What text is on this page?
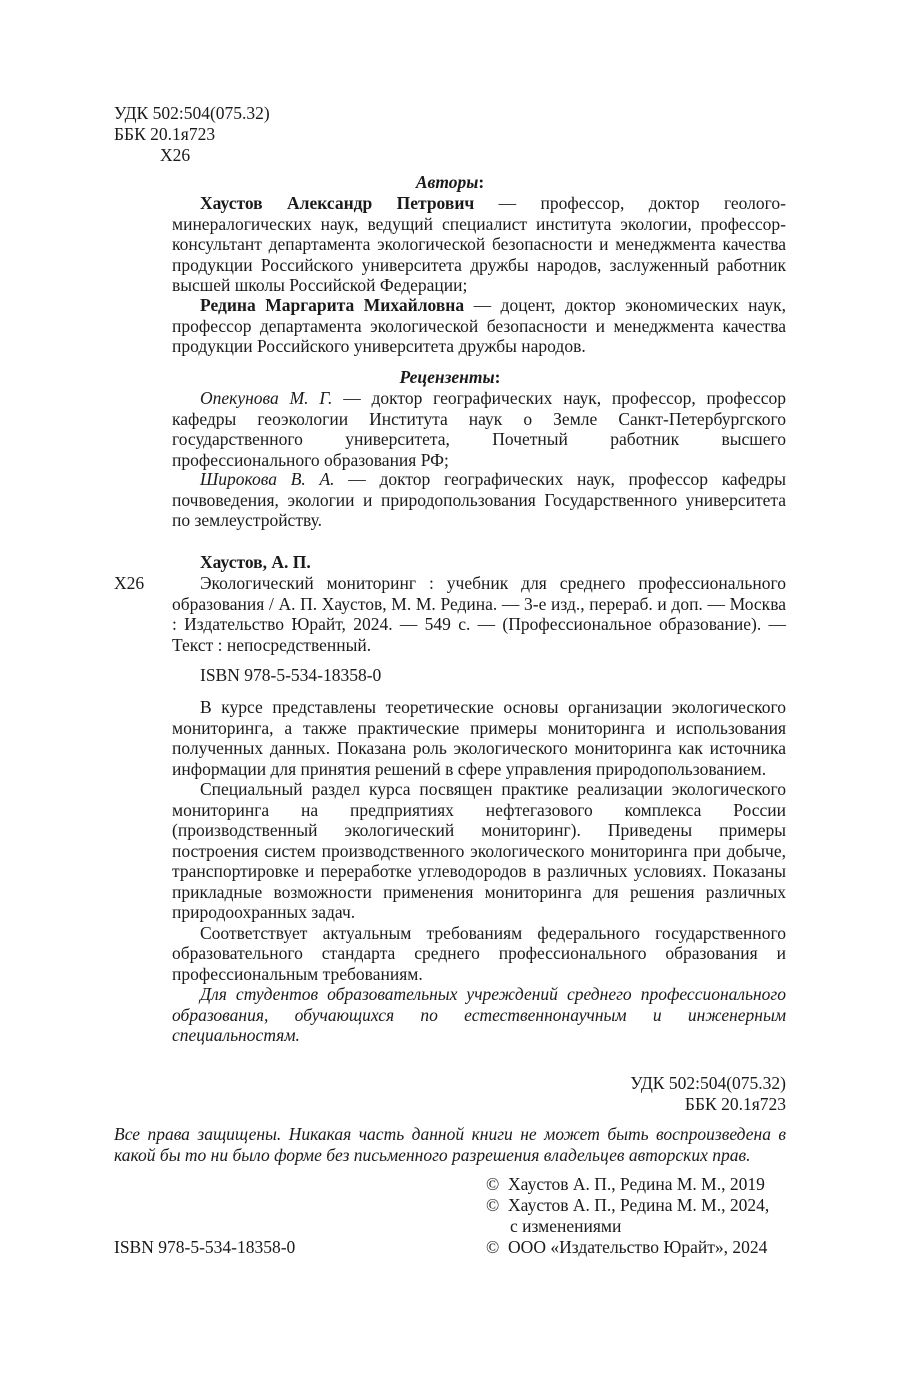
УДК 502:504(075.32)
ББК 20.1я723
Х26
Авторы:
Хаустов Александр Петрович — профессор, доктор геолого-минералогических наук, ведущий специалист института экологии, профессор-консультант департамента экологической безопасности и менеджмента качества продукции Российского университета дружбы народов, заслуженный работник высшей школы Российской Федерации;
Редина Маргарита Михайловна — доцент, доктор экономических наук, профессор департамента экологической безопасности и менеджмента качества продукции Российского университета дружбы народов.
Рецензенты:
Опекунова М. Г. — доктор географических наук, профессор, профессор кафедры геоэкологии Института наук о Земле Санкт-Петербургского государственного университета, Почетный работник высшего профессионального образования РФ;
Широкова В. А. — доктор географических наук, профессор кафедры почвоведения, экологии и природопользования Государственного университета по землеустройству.
Хаустов, А. П.
Х26	Экологический мониторинг : учебник для среднего профессионального образования / А. П. Хаустов, М. М. Редина. — 3-е изд., перераб. и доп. — Москва : Издательство Юрайт, 2024. — 549 с. — (Профессиональное образование). — Текст : непосредственный.
ISBN 978-5-534-18358-0

В курсе представлены теоретические основы организации экологического мониторинга, а также практические примеры мониторинга и использования полученных данных. Показана роль экологического мониторинга как источника информации для принятия решений в сфере управления природопользованием.

Специальный раздел курса посвящен практике реализации экологического мониторинга на предприятиях нефтегазового комплекса России (производственный экологический мониторинг). Приведены примеры построения систем производственного экологического мониторинга при добыче, транспортировке и переработке углеводородов в различных условиях. Показаны прикладные возможности применения мониторинга для решения различных природоохранных задач.

Соответствует актуальным требованиям федерального государственного образовательного стандарта среднего профессионального образования и профессиональным требованиям.

Для студентов образовательных учреждений среднего профессионального образования, обучающихся по естественнонаучным и инженерным специальностям.

УДК 502:504(075.32)
ББК 20.1я723
Все права защищены. Никакая часть данной книги не может быть воспроизведена в какой бы то ни было форме без письменного разрешения владельцев авторских прав.
© Хаустов А. П., Редина М. М., 2019
© Хаустов А. П., Редина М. М., 2024,
с изменениями
© ООО «Издательство Юрайт», 2024
ISBN 978-5-534-18358-0
